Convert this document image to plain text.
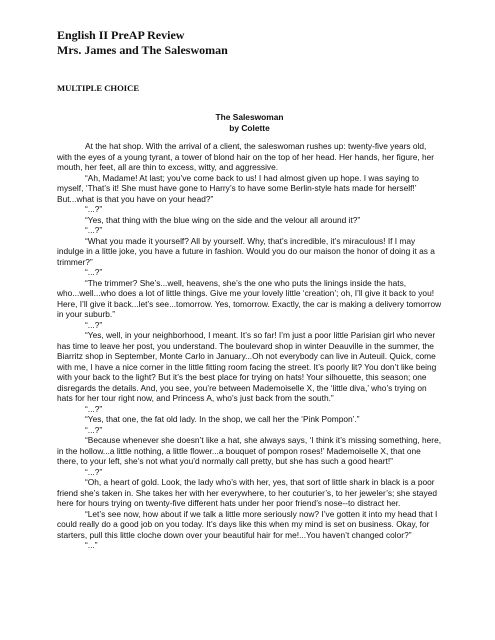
English II PreAP Review
Mrs. James and The Saleswoman
MULTIPLE CHOICE
The Saleswoman
by Colette

At the hat shop. With the arrival of a client, the saleswoman rushes up: twenty-five years old, with the eyes of a young tyrant, a tower of blond hair on the top of her head. Her hands, her figure, her mouth, her feet, all are thin to excess, witty, and aggressive.

“Ah, Madame! At last; you’ve come back to us! I had almost given up hope. I was saying to myself, ‘That’s it! She must have gone to Harry’s to have some Berlin-style hats made for herself!’ But...what is that you have on your head?”

“...?”

“Yes, that thing with the blue wing on the side and the velour all around it?”

“...?”

“What you made it yourself? All by yourself. Why, that’s incredible, it’s miraculous! If I may indulge in a little joke, you have a future in fashion. Would you do our maison the honor of doing it as a trimmer?”

“...?”

“The trimmer? She’s...well, heavens, she’s the one who puts the linings inside the hats, who...well...who does a lot of little things. Give me your lovely little ‘creation’; oh, I’ll give it back to you! Here, I’ll give it back...let’s see...tomorrow. Yes, tomorrow. Exactly, the car is making a delivery tomorrow in your suburb.”

“...?”

“Yes, well, in your neighborhood, I meant. It’s so far! I’m just a poor little Parisian girl who never has time to leave her post, you understand. The boulevard shop in winter Deauville in the summer, the Biarritz shop in September, Monte Carlo in January...Oh not everybody can live in Auteuil. Quick, come with me, I have a nice corner in the little fitting room facing the street. It’s poorly lit? You don’t like being with your back to the light? But it’s the best place for trying on hats! Your silhouette, this season; one disregards the details. And, you see, you’re between Mademoiselle X, the ‘little diva,’ who’s trying on hats for her tour right now, and Princess A, who’s just back from the south.”

“...?”

“Yes, that one, the fat old lady. In the shop, we call her the ‘Pink Pompon’.”

“...?”

“Because whenever she doesn’t like a hat, she always says, ‘I think it’s missing something, here, in the hollow...a little nothing, a little flower...a bouquet of pompon roses!’ Mademoiselle X, that one there, to your left, she’s not what you’d normally call pretty, but she has such a good heart!”

“...?”

“Oh, a heart of gold. Look, the lady who’s with her, yes, that sort of little shark in black is a poor friend she’s taken in. She takes her with her everywhere, to her couturier’s, to her jeweler’s; she stayed here for hours trying on twenty-five different hats under her poor friend’s nose--to distract her.

“Let’s see now, how about if we talk a little more seriously now? I’ve gotten it into my head that I could really do a good job on you today. It’s days like this when my mind is set on business. Okay, for starters, pull this little cloche down over your beautiful hair for me!...You haven’t changed color?”

“...”
